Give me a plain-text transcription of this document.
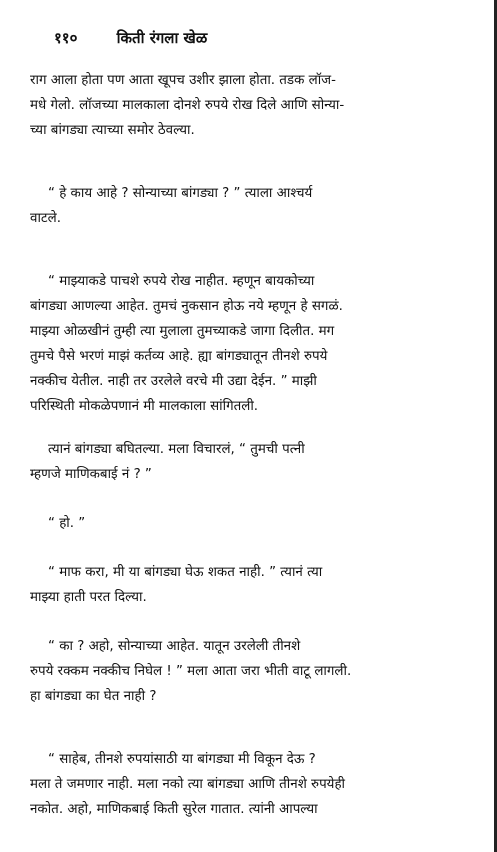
११०	किती रंगला खेळ

राग आला होता पण आता खूपच उशीर झाला होता. तडक लॉज-
मधे गेलो. लॉजच्या मालकाला दोनशे रुपये रोख दिले आणि सोन्या-
च्या बांगड्या त्याच्या समोर ठेवल्या.

“ हे काय आहे ? सोन्याच्या बांगड्या ? ” त्याला आश्चर्य
वाटले.

“ माझ्याकडे पाचशे रुपये रोख नाहीत. म्हणून बायकोच्या
बांगड्या आणल्या आहेत. तुमचं नुकसान होऊ नये म्हणून हे सगळं.
माझ्या ओळखीनं तुम्ही त्या मुलाला तुमच्याकडे जागा दिलीत. मग
तुमचे पैसे भरणं माझं कर्तव्य आहे. ह्या बांगड्यातून तीनशे रुपये
नक्कीच येतील. नाही तर उरलेले वरचे मी उद्या देईन. ” माझी
परिस्थिती मोकळेपणानं मी मालकाला सांगितली.

त्यानं बांगड्या बघितल्या. मला विचारलं, “ तुमची पत्नी
म्हणजे माणिकबाई नं ? ”

“ हो. ”

“ माफ करा, मी या बांगड्या घेऊ शकत नाही. ” त्यानं त्या
माझ्या हाती परत दिल्या.

“ का ? अहो, सोन्याच्या आहेत. यातून उरलेली तीनशे
रुपये रक्कम नक्कीच निघेल ! ” मला आता जरा भीती वाटू लागली.
हा बांगड्या का घेत नाही ?

“ साहेब, तीनशे रुपयांसाठी या बांगड्या मी विकून देऊ ?
मला ते जमणार नाही. मला नको त्या बांगड्या आणि तीनशे रुपयेही
नकोत. अहो, माणिकबाई किती सुरेल गातात. त्यांनी आपल्या
